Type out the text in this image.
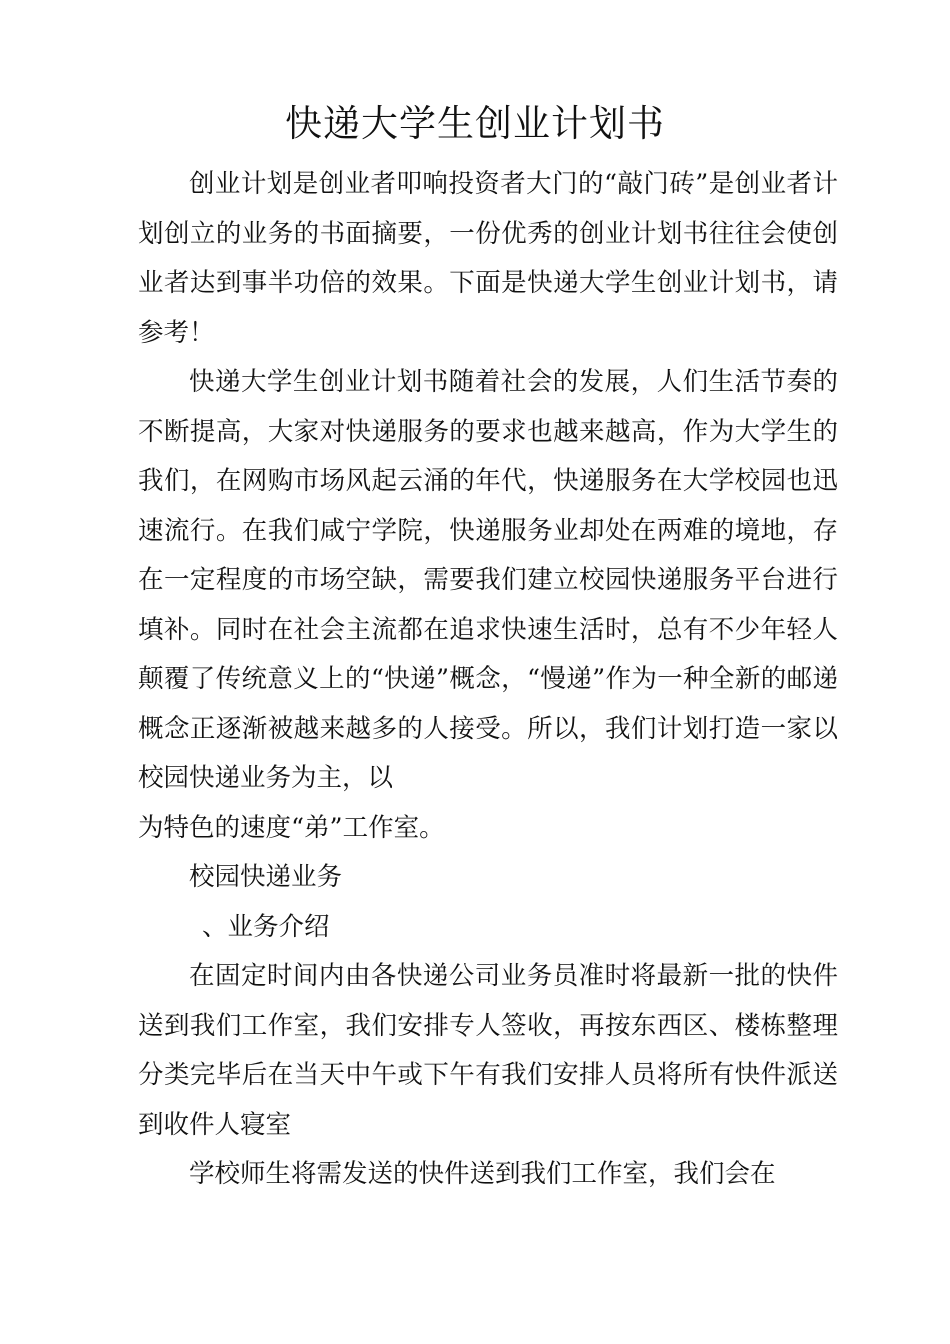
快递大学生创业计划书

创业计划是创业者叩响投资者大门的“敲门砖”是创业者计划创立的业务的书面摘要，一份优秀的创业计划书往往会使创业者达到事半功倍的效果。下面是快递大学生创业计划书，请参考！

快递大学生创业计划书随着社会的发展，人们生活节奏的不断提高，大家对快递服务的要求也越来越高，作为大学生的我们，在网购市场风起云涌的年代，快递服务在大学校园也迅速流行。在我们咸宁学院，快递服务业却处在两难的境地，存在一定程度的市场空缺，需要我们建立校园快递服务平台进行填补。同时在社会主流都在追求快速生活时，总有不少年轻人颠覆了传统意义上的“快递”概念，“慢递”作为一种全新的邮递概念正逐渐被越来越多的人接受。所以，我们计划打造一家以校园快递业务为主，以

为特色的速度“弟”工作室。

校园快递业务

、业务介绍

在固定时间内由各快递公司业务员准时将最新一批的快件送到我们工作室，我们安排专人签收，再按东西区、楼栋整理分类完毕后在当天中午或下午有我们安排人员将所有快件派送到收件人寝室

学校师生将需发送的快件送到我们工作室，我们会在
